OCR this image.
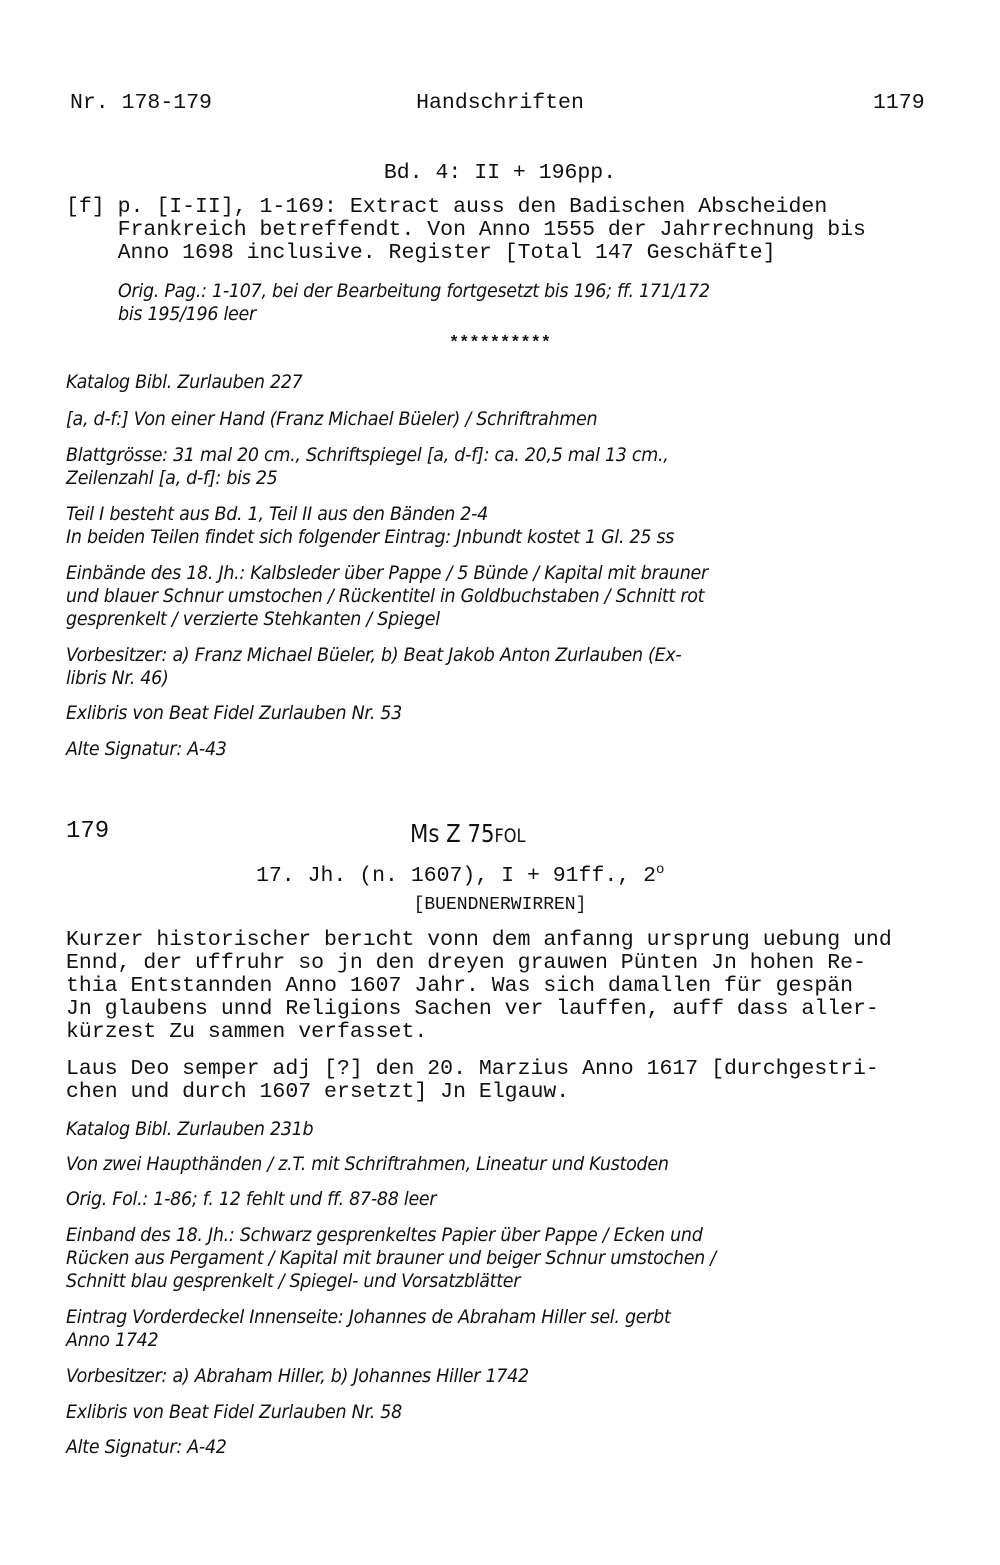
Nr. 178-179	Handschriften	1179
Bd. 4: II + 196pp.
[f] p. [I-II], 1-169: Extract auss den Badischen Abscheiden
Frankreich betreffendt. Von Anno 1555 der Jahrrechnung bis
Anno 1698 inclusive. Register [Total 147 Geschäfte]
Orig. Pag.: 1-107, bei der Bearbeitung fortgesetzt bis 196; ff. 171/172
bis 195/196 leer
**********
Katalog Bibl. Zurlauben 227
[a, d-f:] Von einer Hand (Franz Michael Büeler) / Schriftrahmen
Blattgrösse: 31 mal 20 cm., Schriftspiegel [a, d-f]: ca. 20,5 mal 13 cm.,
Zeilenzahl [a, d-f]: bis 25
Teil I besteht aus Bd. 1, Teil II aus den Bänden 2-4
In beiden Teilen findet sich folgender Eintrag: Jnbundt kostet 1 Gl. 25 ss
Einbände des 18. Jh.: Kalbsleder über Pappe / 5 Bünde / Kapital mit brauner
und blauer Schnur umstochen / Rückentitel in Goldbuchstaben / Schnitt rot
gesprenkelt / verzierte Stehkanten / Spiegel
Vorbesitzer: a) Franz Michael Büeler, b) Beat Jakob Anton Zurlauben (Ex-
libris Nr. 46)
Exlibris von Beat Fidel Zurlauben Nr. 53
Alte Signatur: A-43
179	Ms Z 75FOL
17. Jh. (n. 1607), I + 91ff., 2$^o$
[BUENDNERWIRREN]
Kurzer historischer berıcht vonn dem anfanng ursprung uebung und
Ennd, der uffruhr so jn den dreyen grauwen Pünten Jn hohen Re-
thia Entstannden Anno 1607 Jahr. Was sich damallen für gespän
Jn glaubens unnd Religions Sachen ver lauffen, auff dass aller-
kürzest Zu sammen verfasset.
Laus Deo semper adj [?] den 20. Marzius Anno 1617 [durchgestri-
chen und durch 1607 ersetzt] Jn Elgauw.
Katalog Bibl. Zurlauben 231b
Von zwei Haupthänden / z.T. mit Schriftrahmen, Lineatur und Kustoden
Orig. Fol.: 1-86; f. 12 fehlt und ff. 87-88 leer
Einband des 18. Jh.: Schwarz gesprenkeltes Papier über Pappe / Ecken und
Rücken aus Pergament / Kapital mit brauner und beiger Schnur umstochen /
Schnitt blau gesprenkelt / Spiegel- und Vorsatzblätter
Eintrag Vorderdeckel Innenseite: Johannes de Abraham Hiller sel. gerbt
Anno 1742
Vorbesitzer: a) Abraham Hiller, b) Johannes Hiller 1742
Exlibris von Beat Fidel Zurlauben Nr. 58
Alte Signatur: A-42
